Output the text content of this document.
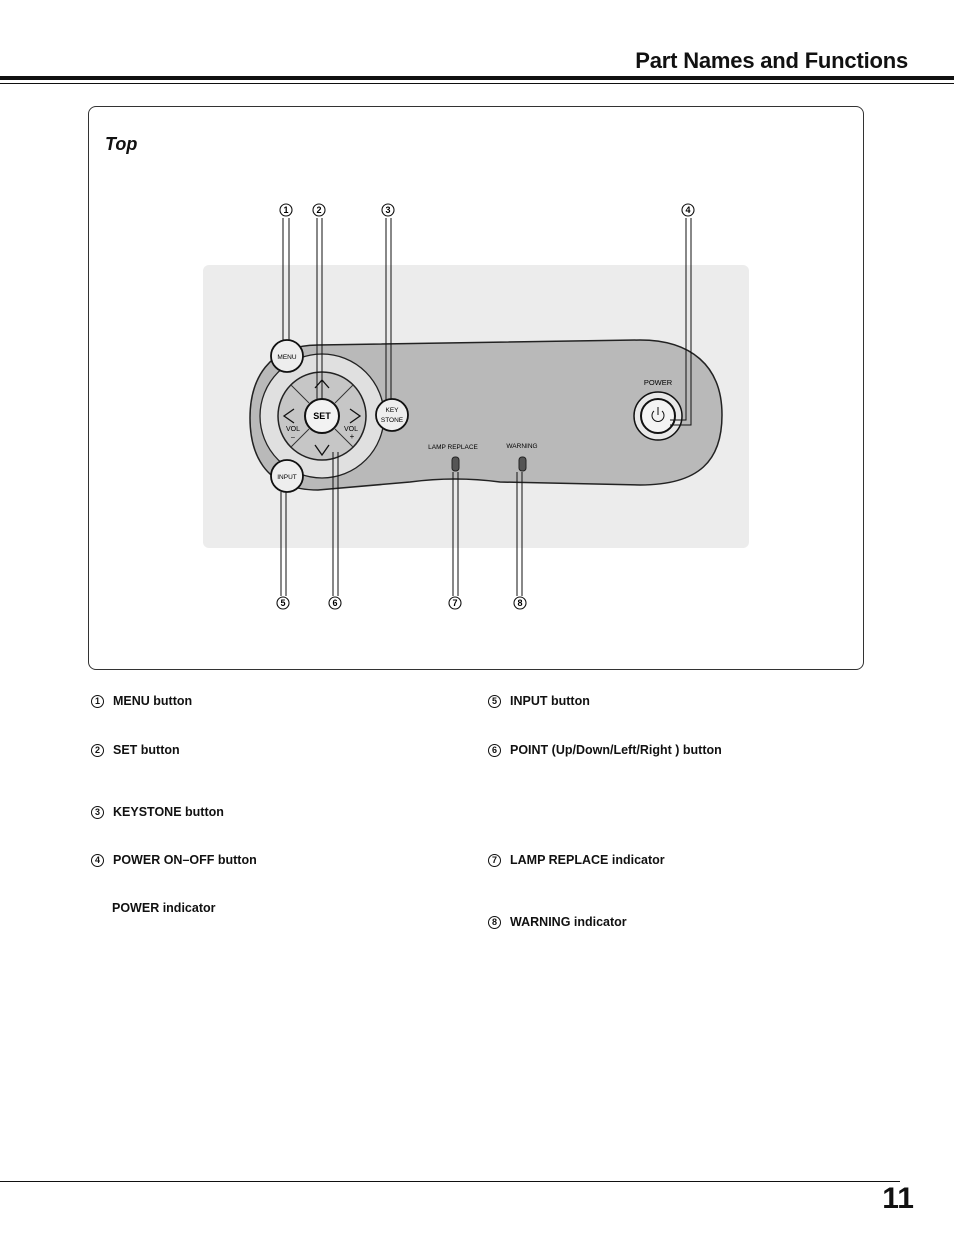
Part Names and Functions
Top
SET
VOL
–
VOL
+
MENU
INPUT
KEY
STONE
LAMP REPLACE	WARNING
POWER
1	2	3	4
5	6	7	8
1	MENU button
2	SET button
3	KEYSTONE button
4	POWER ON–OFF button
POWER indicator
5	INPUT button
6	POINT (Up/Down/Left/Right ) button
7	LAMP REPLACE indicator
8	WARNING indicator
11
